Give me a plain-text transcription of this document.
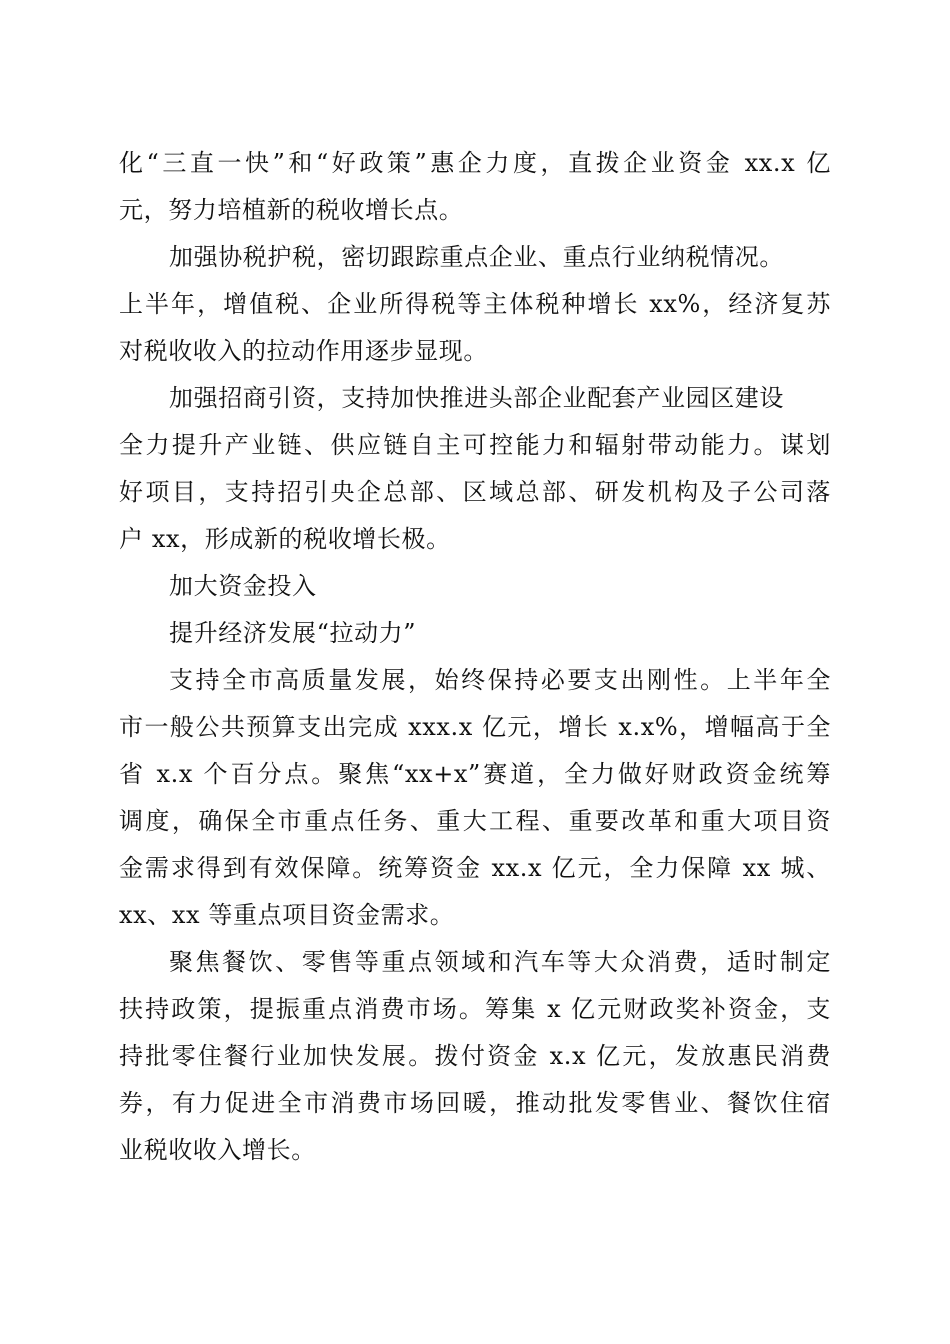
化“三直一快”和“好政策”惠企力度，直拨企业资金 xx.x 亿
元，努力培植新的税收增长点。
加强协税护税，密切跟踪重点企业、重点行业纳税情况。
上半年，增值税、企业所得税等主体税种增长 xx%，经济复苏
对税收收入的拉动作用逐步显现。
加强招商引资，支持加快推进头部企业配套产业园区建设
全力提升产业链、供应链自主可控能力和辐射带动能力。谋划
好项目，支持招引央企总部、区域总部、研发机构及子公司落
户 xx，形成新的税收增长极。
加大资金投入
提升经济发展“拉动力”
支持全市高质量发展，始终保持必要支出刚性。上半年全
市一般公共预算支出完成 xxx.x 亿元，增长 x.x%，增幅高于全
省 x.x 个百分点。聚焦“xx+x”赛道，全力做好财政资金统筹
调度，确保全市重点任务、重大工程、重要改革和重大项目资
金需求得到有效保障。统筹资金 xx.x 亿元，全力保障 xx 城、
xx、xx 等重点项目资金需求。
聚焦餐饮、零售等重点领域和汽车等大众消费，适时制定
扶持政策，提振重点消费市场。筹集 x 亿元财政奖补资金，支
持批零住餐行业加快发展。拨付资金 x.x 亿元，发放惠民消费
券，有力促进全市消费市场回暖，推动批发零售业、餐饮住宿
业税收收入增长。
